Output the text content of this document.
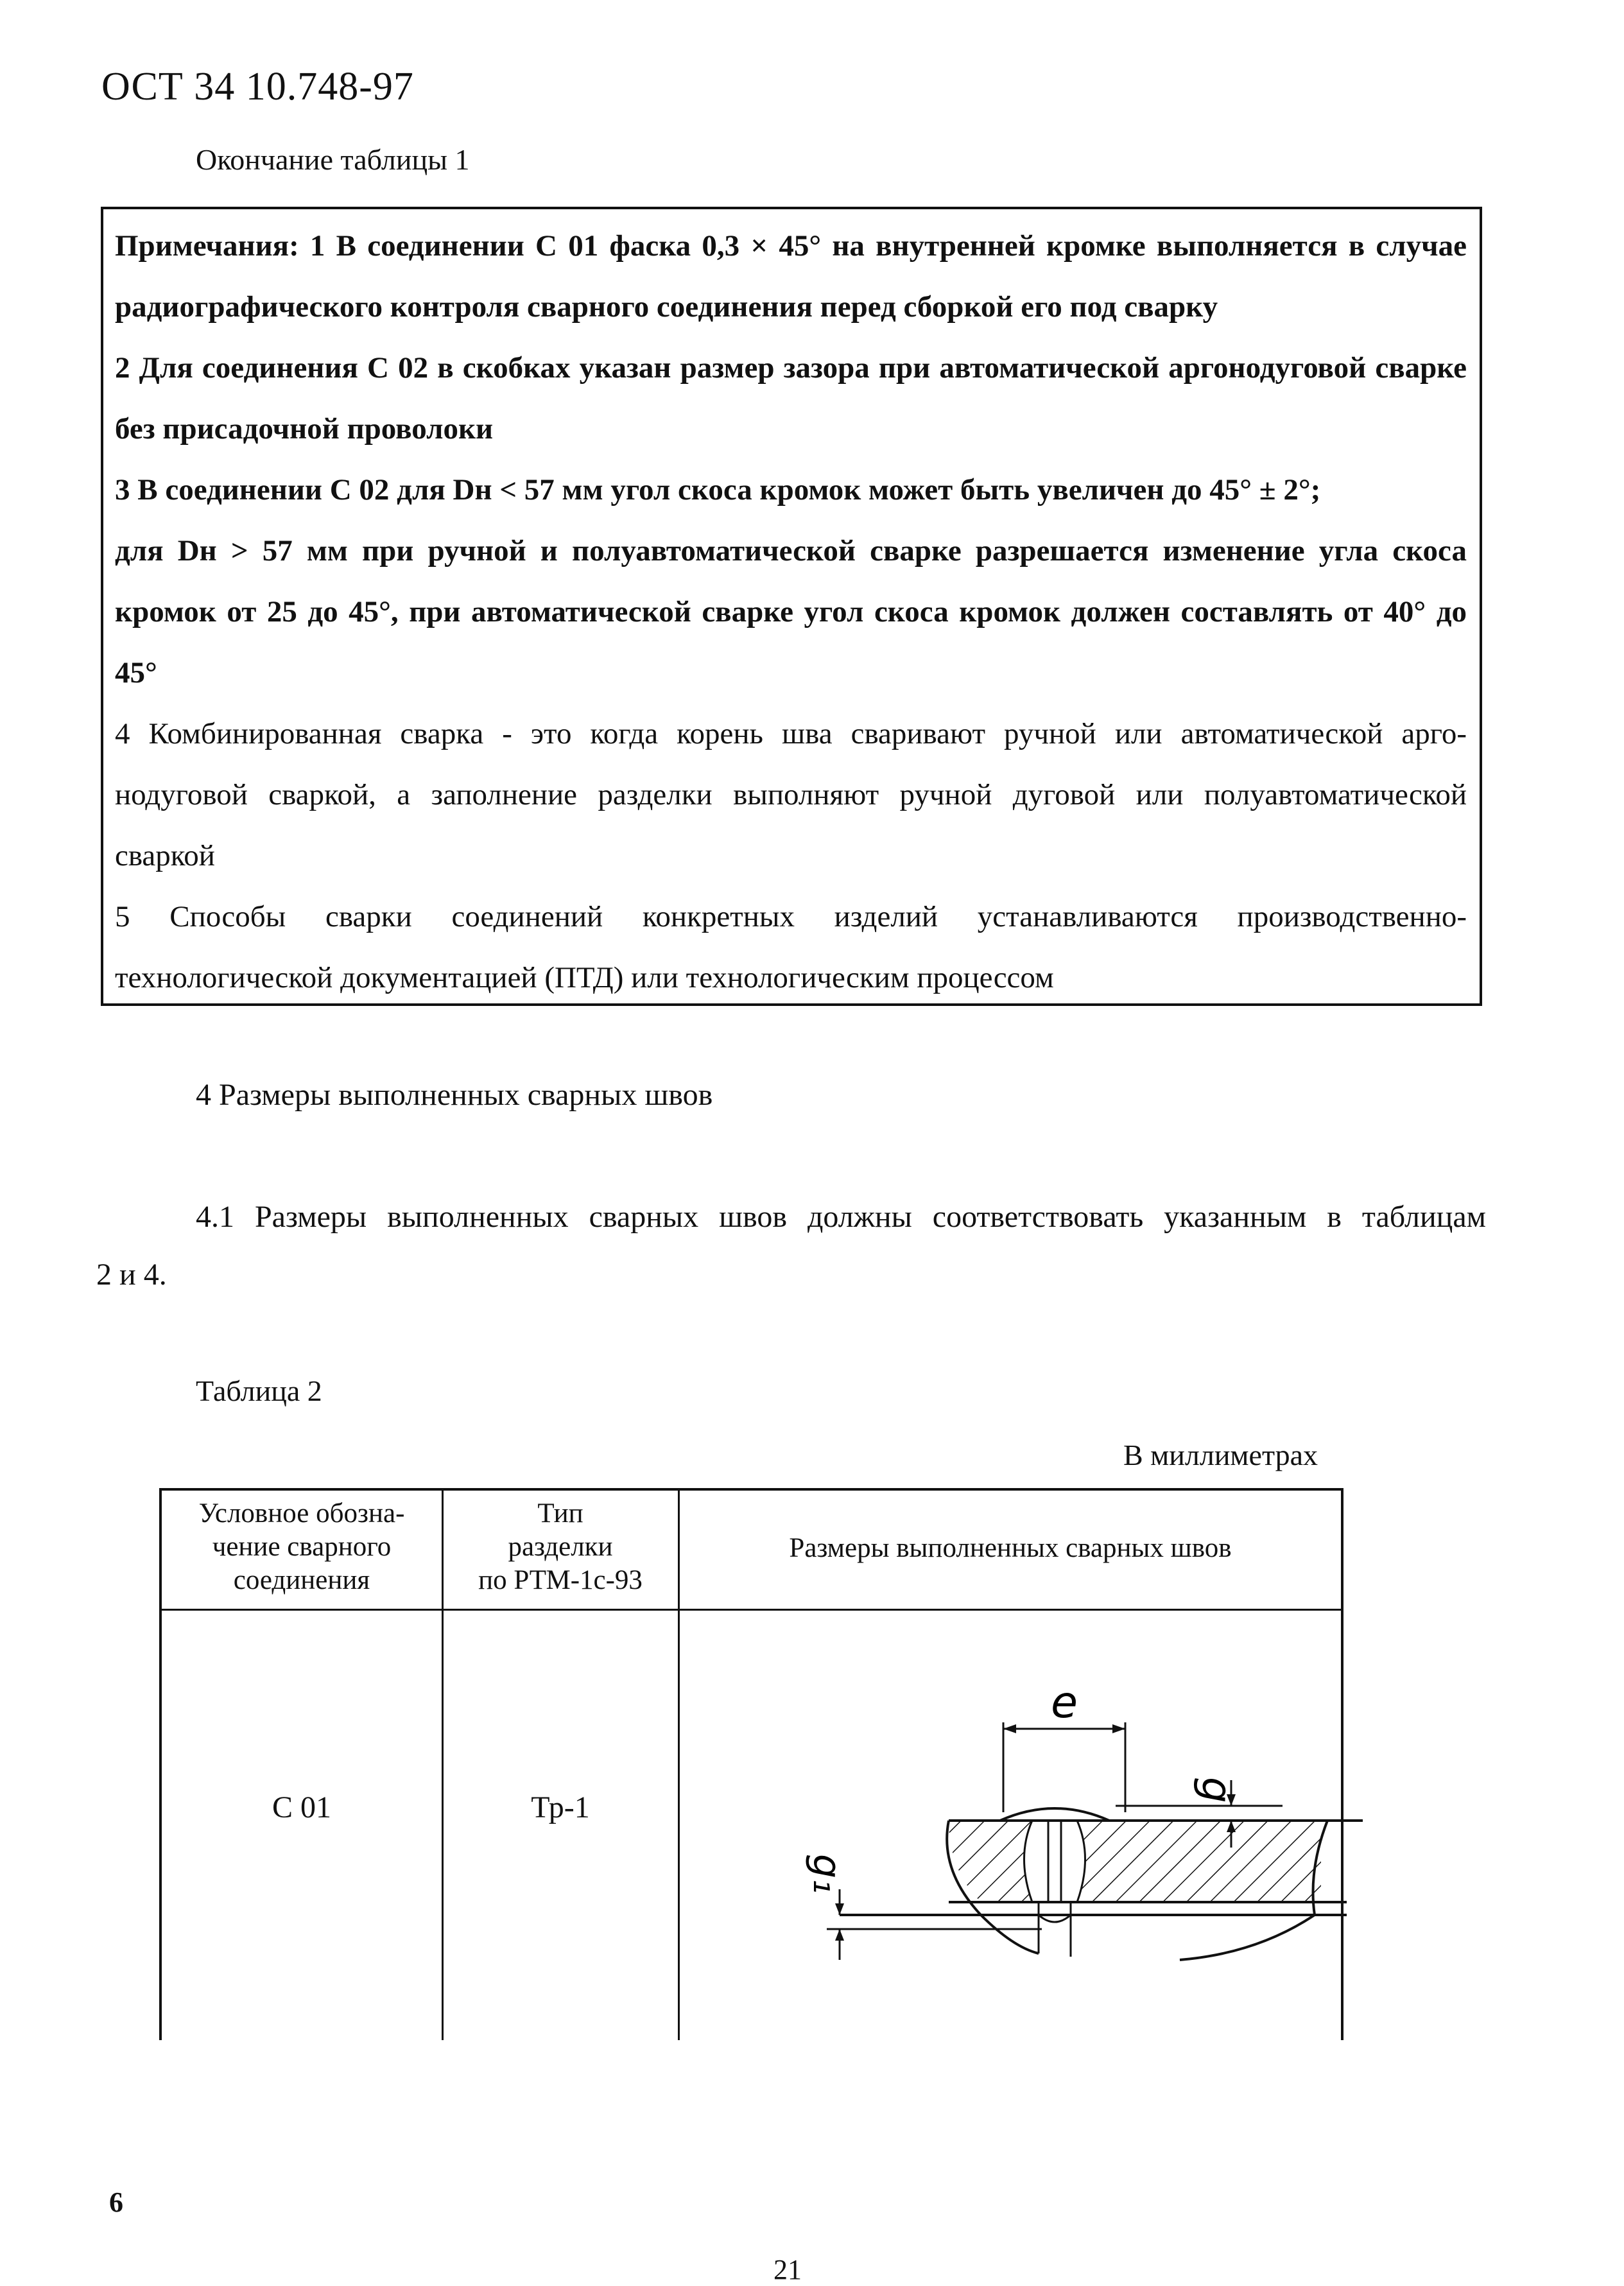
ОСТ 34 10.748-97
Окончание таблицы 1
Примечания: 1 В соединении С 01 фаска 0,3 × 45° на внутренней кромке выполняется в случае
радиографического контроля сварного соединения перед сборкой его под сварку
2 Для соединения С 02 в скобках указан размер зазора при автоматической аргонодуговой сварке
без присадочной проволоки
3 В соединении С 02 для Dн < 57 мм угол скоса кромок может быть увеличен до 45° ± 2°;
для Dн > 57 мм при ручной и полуавтоматической сварке разрешается изменение угла скоса
кромок от 25 до 45°, при автоматической сварке угол скоса кромок должен составлять от 40° до
45°
4 Комбинированная сварка - это когда корень шва сваривают ручной или автоматической арго-
нодуговой сваркой, а заполнение разделки выполняют ручной дуговой или полуавтоматической
сваркой
5 Способы сварки соединений конкретных изделий устанавливаются производственно-
технологической документацией (ПТД) или технологическим процессом
4 Размеры выполненных сварных швов
4.1 Размеры выполненных сварных швов должны соответствовать указанным в таблицам
2 и 4.
Таблица 2
В миллиметрах
Условное обозна-
чение сварного
соединения
Тип
разделки
по РТМ-1с-93
Размеры выполненных сварных швов
С 01	Тр-1
e
g
g₁
6
21
